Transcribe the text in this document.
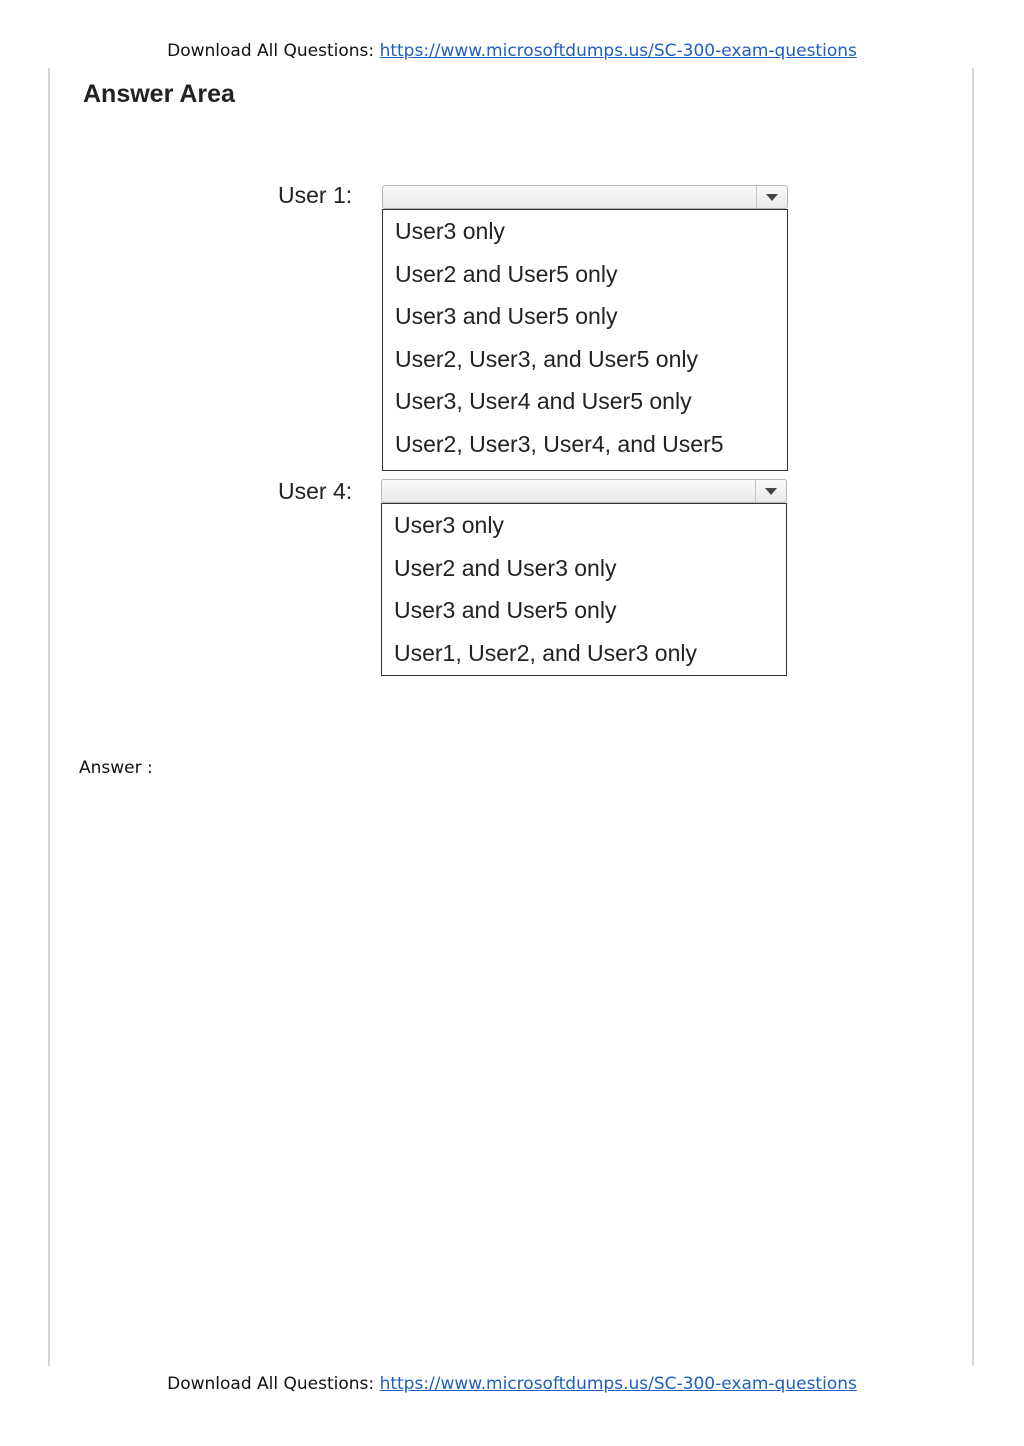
Download All Questions: https://www.microsoftdumps.us/SC-300-exam-questions
Answer Area
User 1:
User3 only
User2 and User5 only
User3 and User5 only
User2, User3, and User5 only
User3, User4 and User5 only
User2, User3, User4, and User5
User 4:
User3 only
User2 and User3 only
User3 and User5 only
User1, User2, and User3 only
Answer :
Download All Questions: https://www.microsoftdumps.us/SC-300-exam-questions
